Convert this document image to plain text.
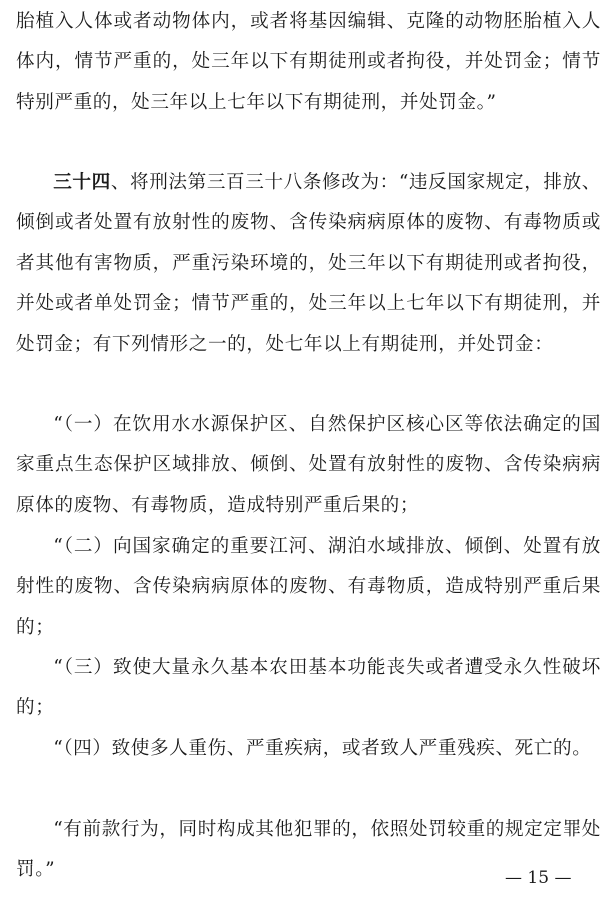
胎植入人体或者动物体内，或者将基因编辑、克隆的动物胚胎植入人体内，情节严重的，处三年以下有期徒刑或者拘役，并处罚金；情节特别严重的，处三年以上七年以下有期徒刑，并处罚金。”

三十四、将刑法第三百三十八条修改为：“违反国家规定，排放、倾倒或者处置有放射性的废物、含传染病病原体的废物、有毒物质或者其他有害物质，严重污染环境的，处三年以下有期徒刑或者拘役，并处或者单处罚金；情节严重的，处三年以上七年以下有期徒刑，并处罚金；有下列情形之一的，处七年以上有期徒刑，并处罚金：

“（一）在饮用水水源保护区、自然保护区核心区等依法确定的国家重点生态保护区域排放、倾倒、处置有放射性的废物、含传染病病原体的废物、有毒物质，造成特别严重后果的；

“（二）向国家确定的重要江河、湖泊水域排放、倾倒、处置有放射性的废物、含传染病病原体的废物、有毒物质，造成特别严重后果的；

“（三）致使大量永久基本农田基本功能丧失或者遭受永久性破坏的；

“（四）致使多人重伤、严重疾病，或者致人严重残疾、死亡的。

“有前款行为，同时构成其他犯罪的，依照处罚较重的规定定罪处罚。”	— 15 —
